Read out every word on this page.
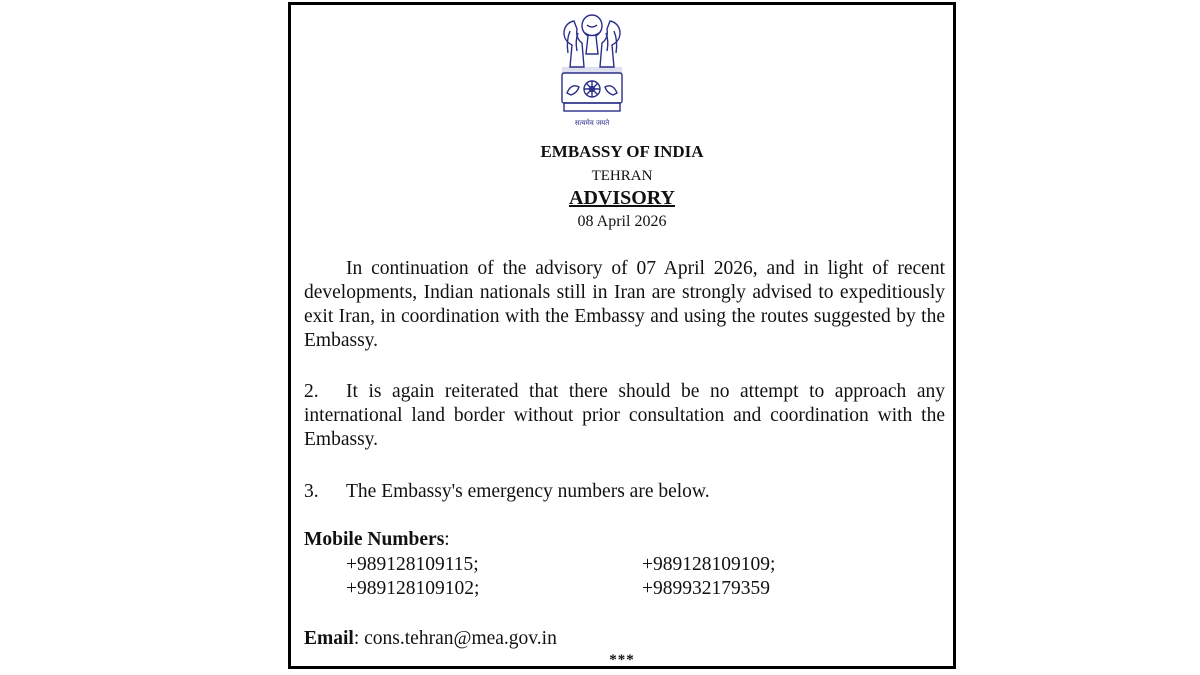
सत्यमेव जयते
EMBASSY OF INDIA
TEHRAN
ADVISORY
08 April 2026

In continuation of the advisory of 07 April 2026, and in light of recent developments, Indian nationals still in Iran are strongly advised to expeditiously exit Iran, in coordination with the Embassy and using the routes suggested by the Embassy.

2. It is again reiterated that there should be no attempt to approach any international land border without prior consultation and coordination with the Embassy.

3. The Embassy's emergency numbers are below.

Mobile Numbers:
+989128109115;	+989128109109;
+989128109102;	+989932179359
Email: cons.tehran@mea.gov.in
***
